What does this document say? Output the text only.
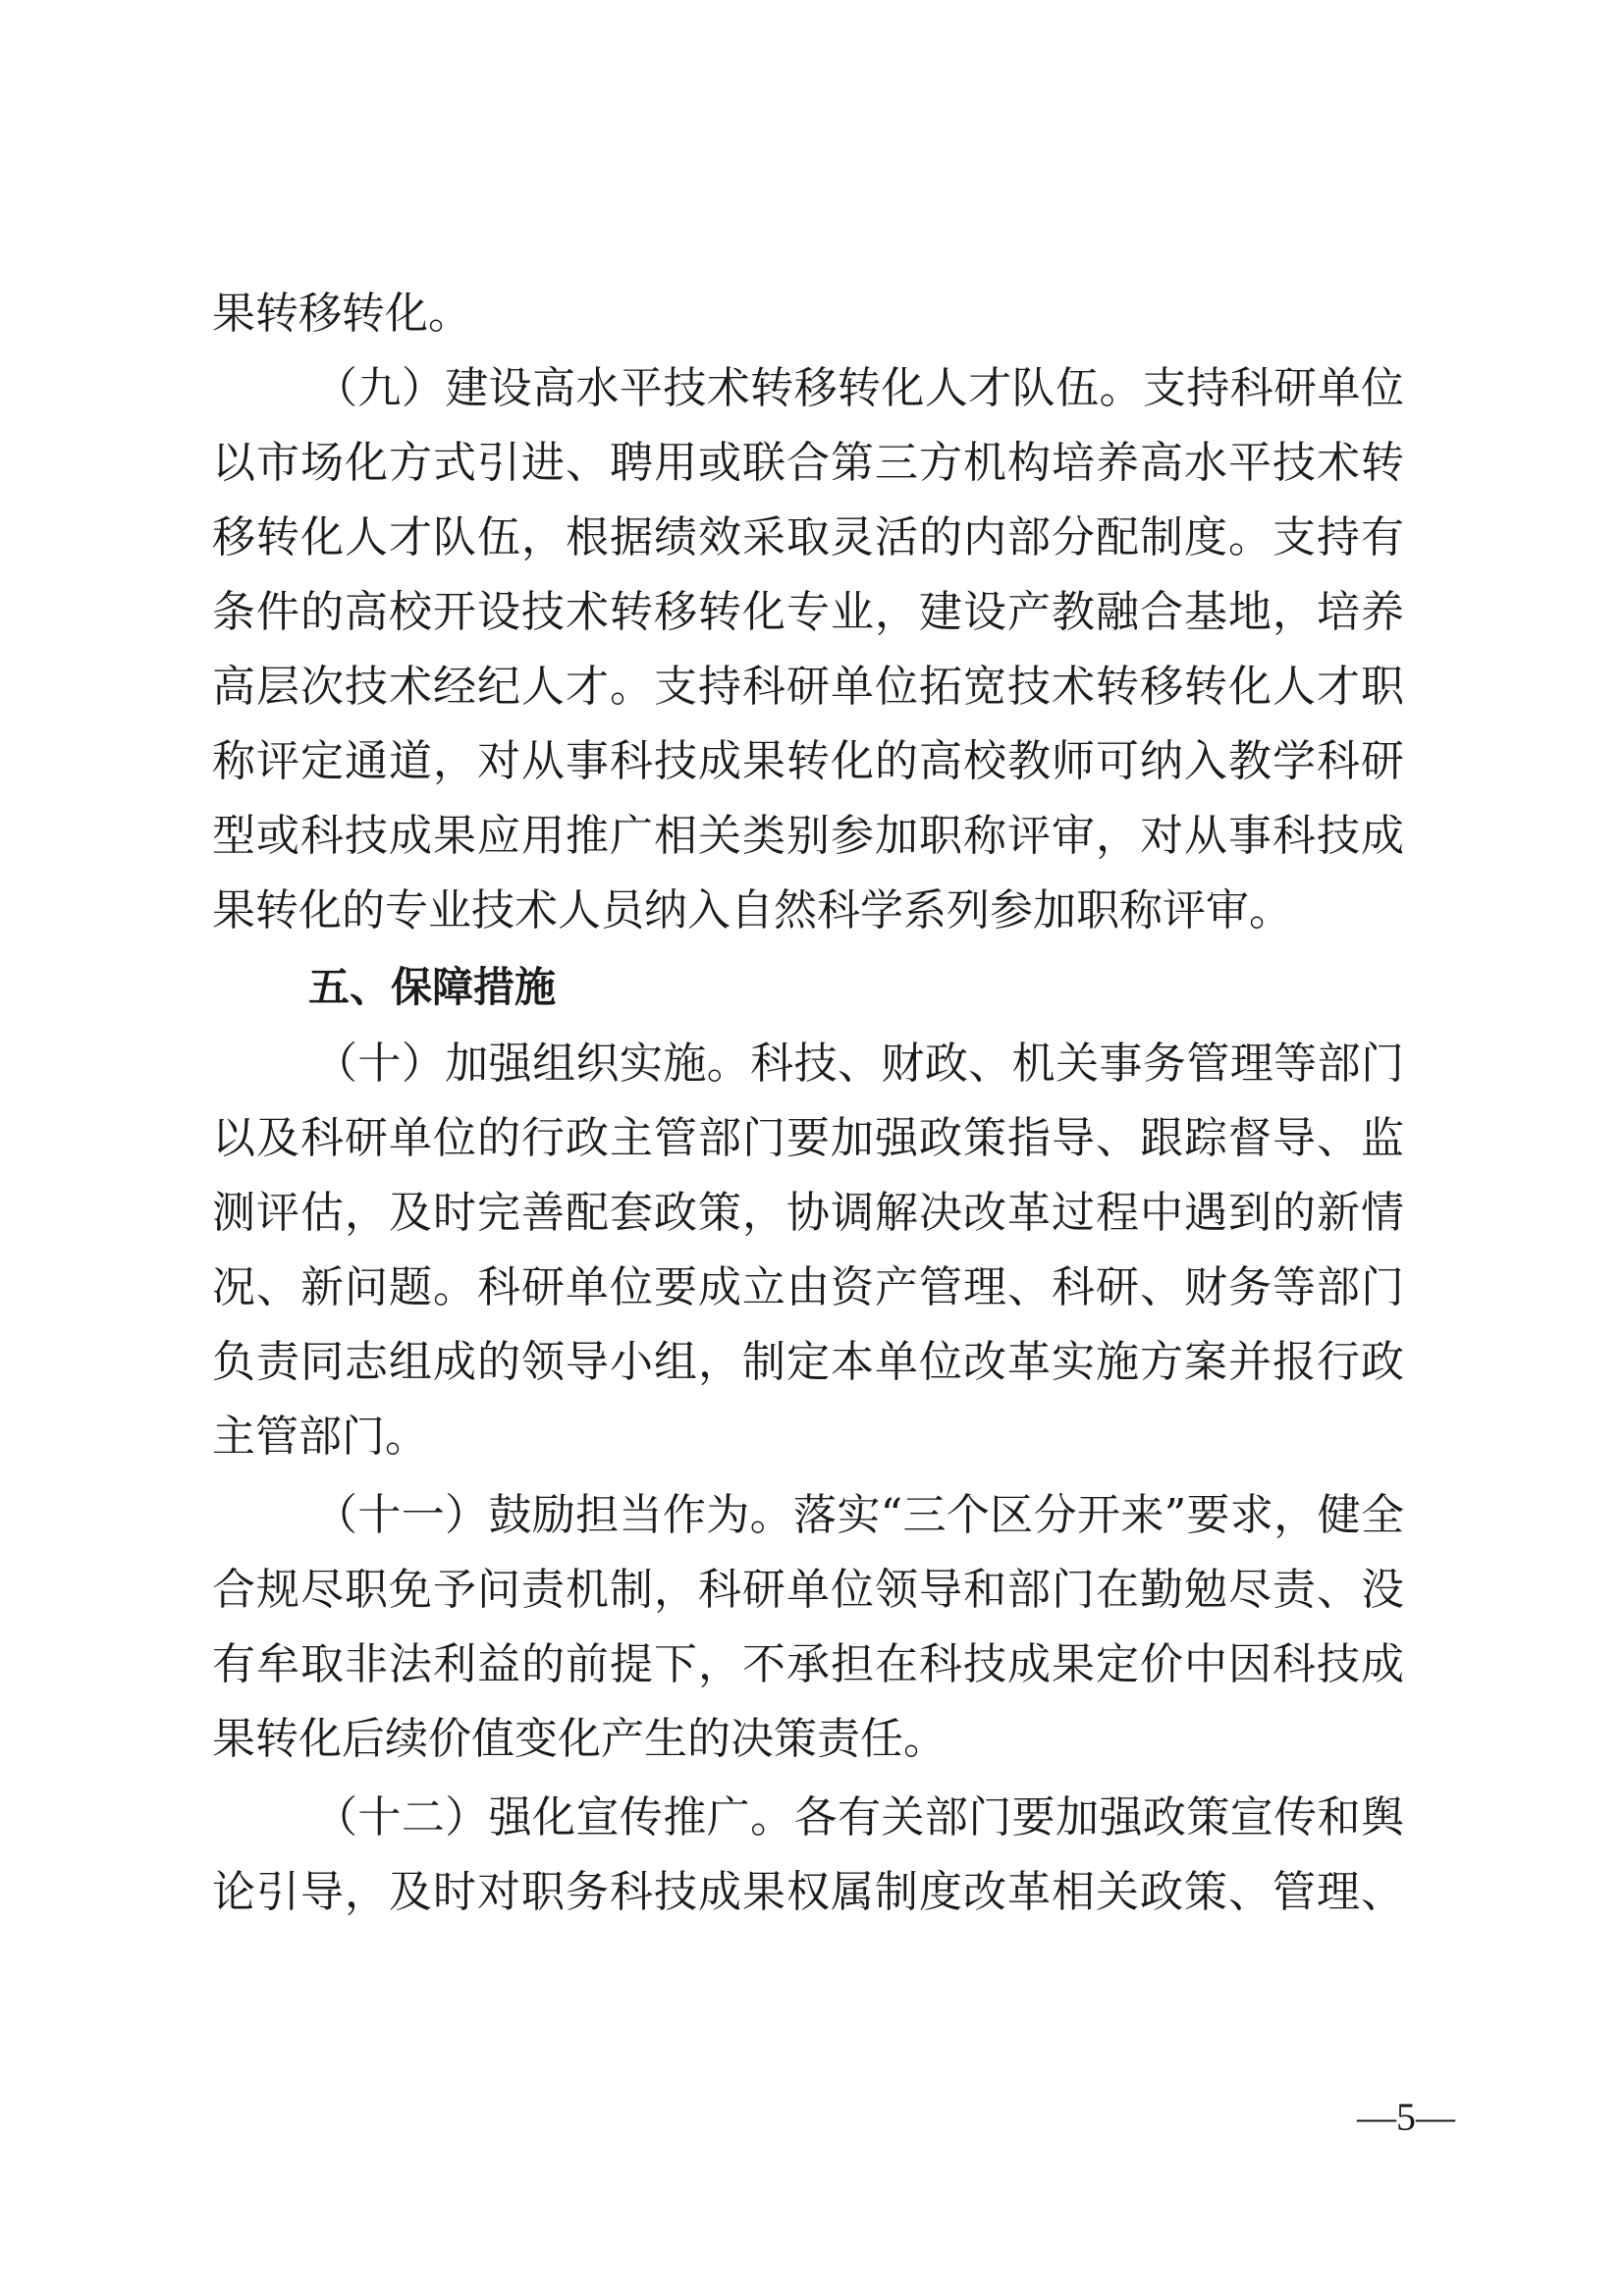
果转移转化。
（九）建设高水平技术转移转化人才队伍。支持科研单位
以市场化方式引进、聘用或联合第三方机构培养高水平技术转
移转化人才队伍，根据绩效采取灵活的内部分配制度。支持有
条件的高校开设技术转移转化专业，建设产教融合基地，培养
高层次技术经纪人才。支持科研单位拓宽技术转移转化人才职
称评定通道，对从事科技成果转化的高校教师可纳入教学科研
型或科技成果应用推广相关类别参加职称评审，对从事科技成
果转化的专业技术人员纳入自然科学系列参加职称评审。
五、保障措施
（十）加强组织实施。科技、财政、机关事务管理等部门
以及科研单位的行政主管部门要加强政策指导、跟踪督导、监
测评估，及时完善配套政策，协调解决改革过程中遇到的新情
况、新问题。科研单位要成立由资产管理、科研、财务等部门
负责同志组成的领导小组，制定本单位改革实施方案并报行政
主管部门。
（十一）鼓励担当作为。落实“三个区分开来”要求，健全
合规尽职免予问责机制，科研单位领导和部门在勤勉尽责、没
有牟取非法利益的前提下，不承担在科技成果定价中因科技成
果转化后续价值变化产生的决策责任。
（十二）强化宣传推广。各有关部门要加强政策宣传和舆
论引导，及时对职务科技成果权属制度改革相关政策、管理、
—5—
